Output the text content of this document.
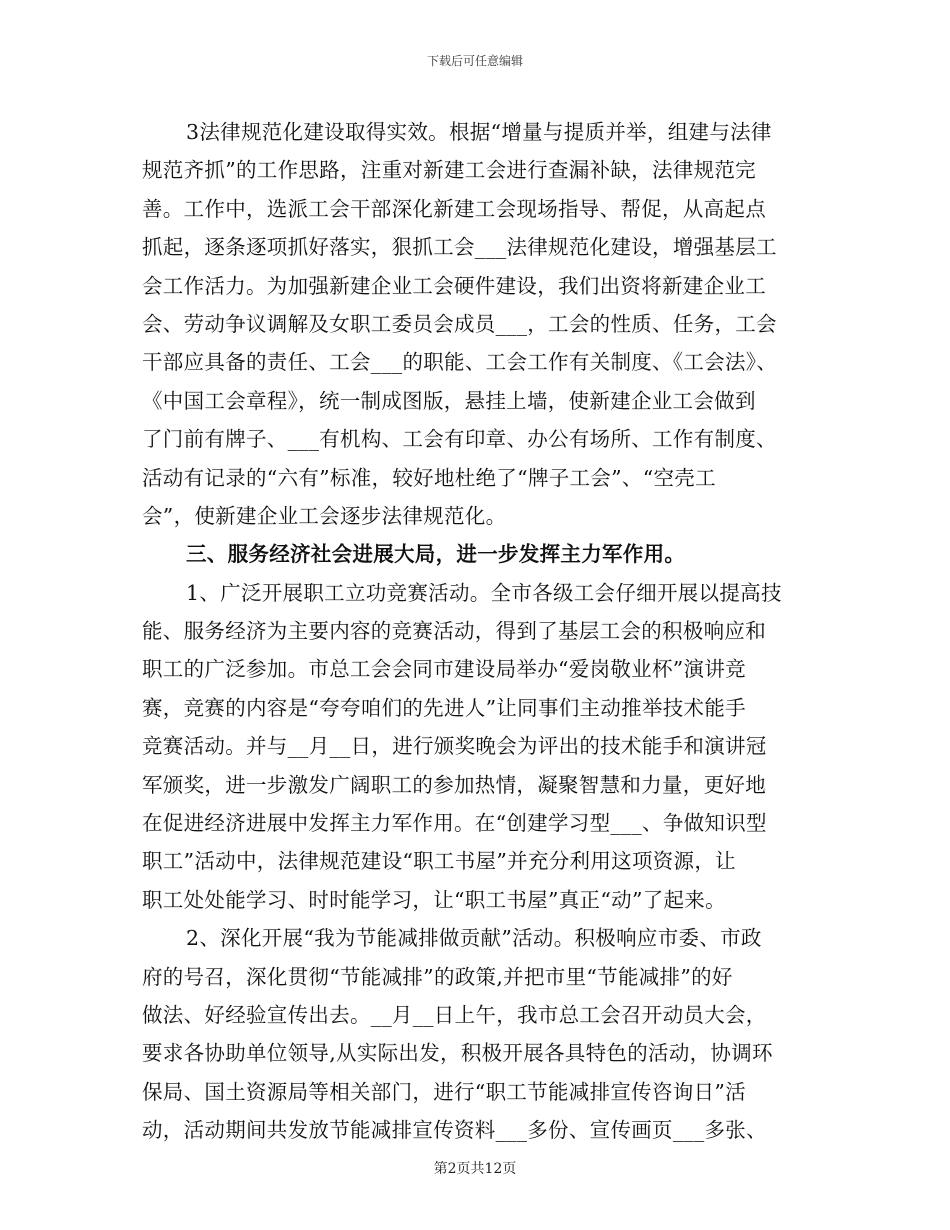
下载后可任意编辑
3法律规范化建设取得实效。根据“增量与提质并举，组建与法律
规范齐抓”的工作思路，注重对新建工会进行查漏补缺，法律规范完
善。工作中，选派工会干部深化新建工会现场指导、帮促，从高起点
抓起，逐条逐项抓好落实，狠抓工会___法律规范化建设，增强基层工
会工作活力。为加强新建企业工会硬件建设，我们出资将新建企业工
会、劳动争议调解及女职工委员会成员___，工会的性质、任务，工会
干部应具备的责任、工会___的职能、工会工作有关制度、《工会法》、
《中国工会章程》，统一制成图版，悬挂上墙，使新建企业工会做到
了门前有牌子、___有机构、工会有印章、办公有场所、工作有制度、
活动有记录的“六有”标准，较好地杜绝了“牌子工会”、“空壳工
会”，使新建企业工会逐步法律规范化。
三、服务经济社会进展大局，进一步发挥主力军作用。
1、广泛开展职工立功竞赛活动。全市各级工会仔细开展以提高技
能、服务经济为主要内容的竞赛活动，得到了基层工会的积极响应和
职工的广泛参加。市总工会会同市建设局举办“爱岗敬业杯”演讲竞
赛，竞赛的内容是“夸夸咱们的先进人”让同事们主动推举技术能手
竞赛活动。并与__月__日，进行颁奖晚会为评出的技术能手和演讲冠
军颁奖，进一步激发广阔职工的参加热情，凝聚智慧和力量，更好地
在促进经济进展中发挥主力军作用。在“创建学习型___、争做知识型
职工”活动中，法律规范建设“职工书屋”并充分利用这项资源，让
职工处处能学习、时时能学习，让“职工书屋”真正“动”了起来。
2、深化开展“我为节能减排做贡献”活动。积极响应市委、市政
府的号召，深化贯彻“节能减排”的政策,并把市里“节能减排”的好
做法、好经验宣传出去。__月__日上午，我市总工会召开动员大会，
要求各协助单位领导,从实际出发，积极开展各具特色的活动，协调环
保局、国土资源局等相关部门，进行“职工节能减排宣传咨询日”活
动，活动期间共发放节能减排宣传资料___多份、宣传画页___多张、
第2页共12页
